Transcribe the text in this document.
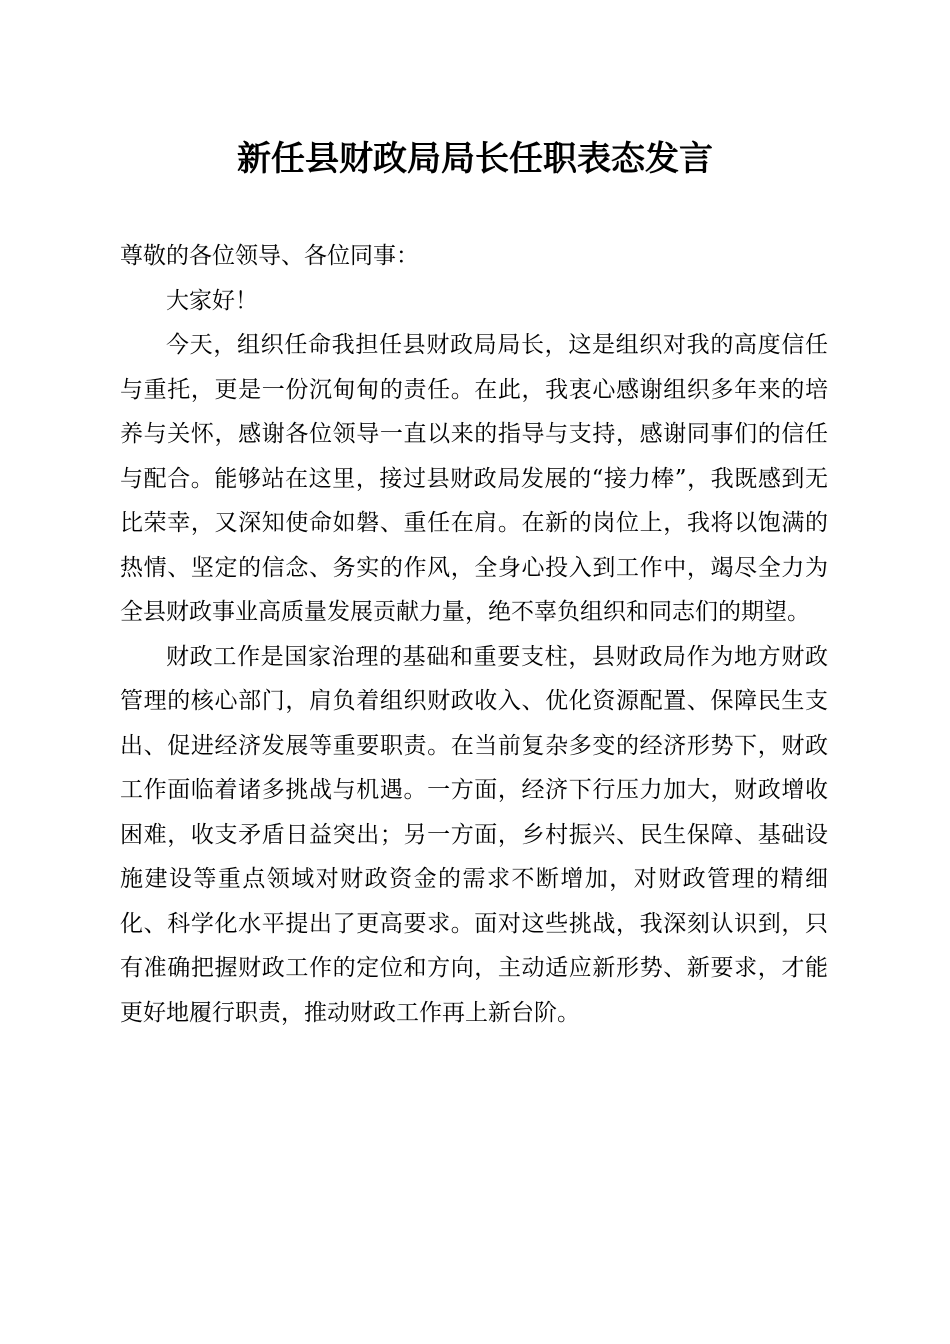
新任县财政局局长任职表态发言

尊敬的各位领导、各位同事：

大家好！

今天，组织任命我担任县财政局局长，这是组织对我的高度信任与重托，更是一份沉甸甸的责任。在此，我衷心感谢组织多年来的培养与关怀，感谢各位领导一直以来的指导与支持，感谢同事们的信任与配合。能够站在这里，接过县财政局发展的“接力棒”，我既感到无比荣幸，又深知使命如磐、重任在肩。在新的岗位上，我将以饱满的热情、坚定的信念、务实的作风，全身心投入到工作中，竭尽全力为全县财政事业高质量发展贡献力量，绝不辜负组织和同志们的期望。

财政工作是国家治理的基础和重要支柱，县财政局作为地方财政管理的核心部门，肩负着组织财政收入、优化资源配置、保障民生支出、促进经济发展等重要职责。在当前复杂多变的经济形势下，财政工作面临着诸多挑战与机遇。一方面，经济下行压力加大，财政增收困难，收支矛盾日益突出；另一方面，乡村振兴、民生保障、基础设施建设等重点领域对财政资金的需求不断增加，对财政管理的精细化、科学化水平提出了更高要求。面对这些挑战，我深刻认识到，只有准确把握财政工作的定位和方向，主动适应新形势、新要求，才能更好地履行职责，推动财政工作再上新台阶。
